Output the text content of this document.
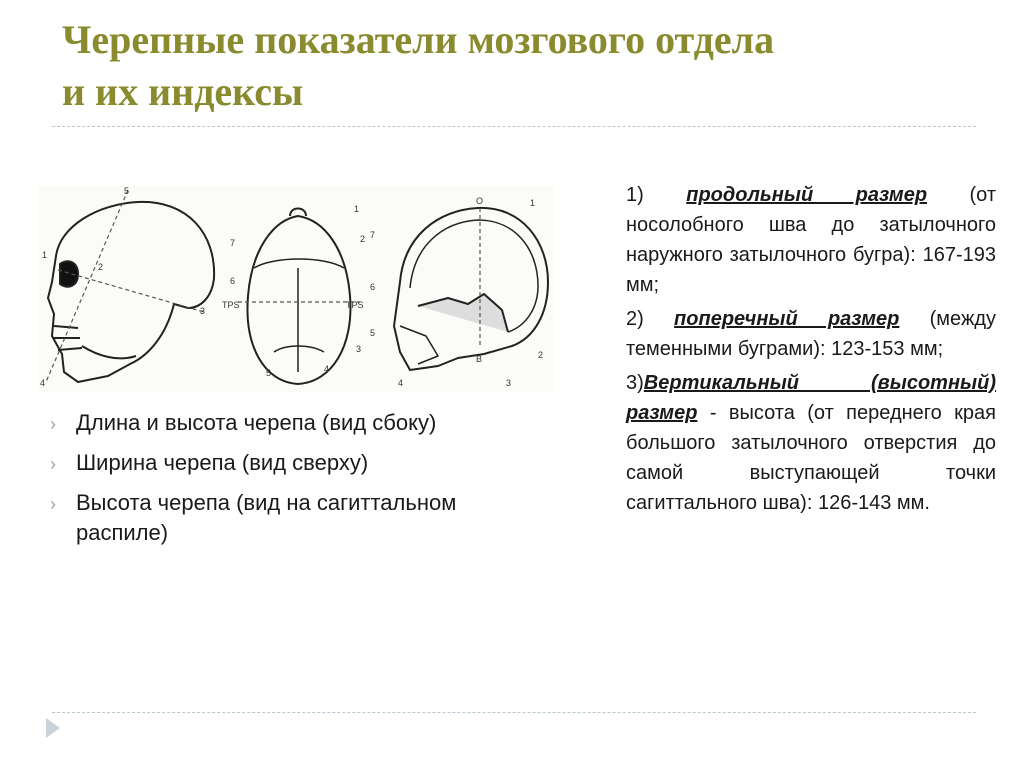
Черепные показатели мозгового отдела
и их индексы
5
1
2
3
4
1
2
7
6
TPS	TPS
3
4
5
O	1
7
6
5
B	2
4	3
› Длина и высота черепа (вид сбоку)
› Ширина черепа (вид сверху)
› Высота черепа (вид на сагиттальном распиле)

1) продольный размер (от носолобного шва до затылочного наружного затылочного бугра): 167-193 мм;

2) поперечный размер (между теменными буграми): 123-153 мм;

3)Вертикальный (высотный) размер - высота (от переднего края большого затылочного отверстия до самой выступающей точки сагиттального шва): 126-143 мм.
